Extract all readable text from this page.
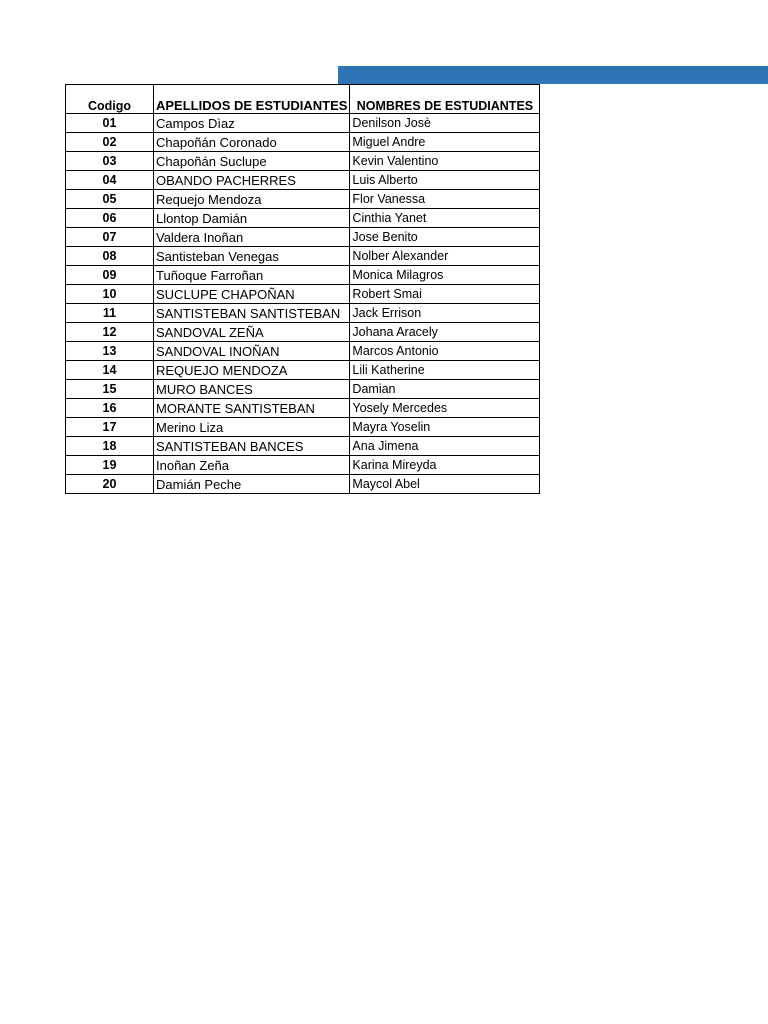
Codigo	APELLIDOS DE ESTUDIANTES	NOMBRES DE ESTUDIANTES
01	Campos Dìaz	Denilson Josè
02	Chapoñán Coronado	Miguel Andre
03	Chapoñán Suclupe	Kevin Valentino
04	OBANDO PACHERRES	Luis Alberto
05	Requejo Mendoza	Flor Vanessa
06	Llontop Damián	Cinthia Yanet
07	Valdera Inoñan	Jose Benito
08	Santisteban Venegas	Nolber Alexander
09	Tuñoque Farroñan	Monica Milagros
10	SUCLUPE CHAPOÑAN	Robert Smai
11	SANTISTEBAN SANTISTEBAN	Jack Errison
12	SANDOVAL ZEÑA	Johana Aracely
13	SANDOVAL INOÑAN	Marcos Antonio
14	REQUEJO MENDOZA	Lili Katherine
15	MURO BANCES	Damian
16	MORANTE SANTISTEBAN	Yosely Mercedes
17	Merino Liza	Mayra Yoselin
18	SANTISTEBAN BANCES	Ana Jimena
19	Inoñan Zeña	Karina Mireyda
20	Damián Peche	Maycol Abel
